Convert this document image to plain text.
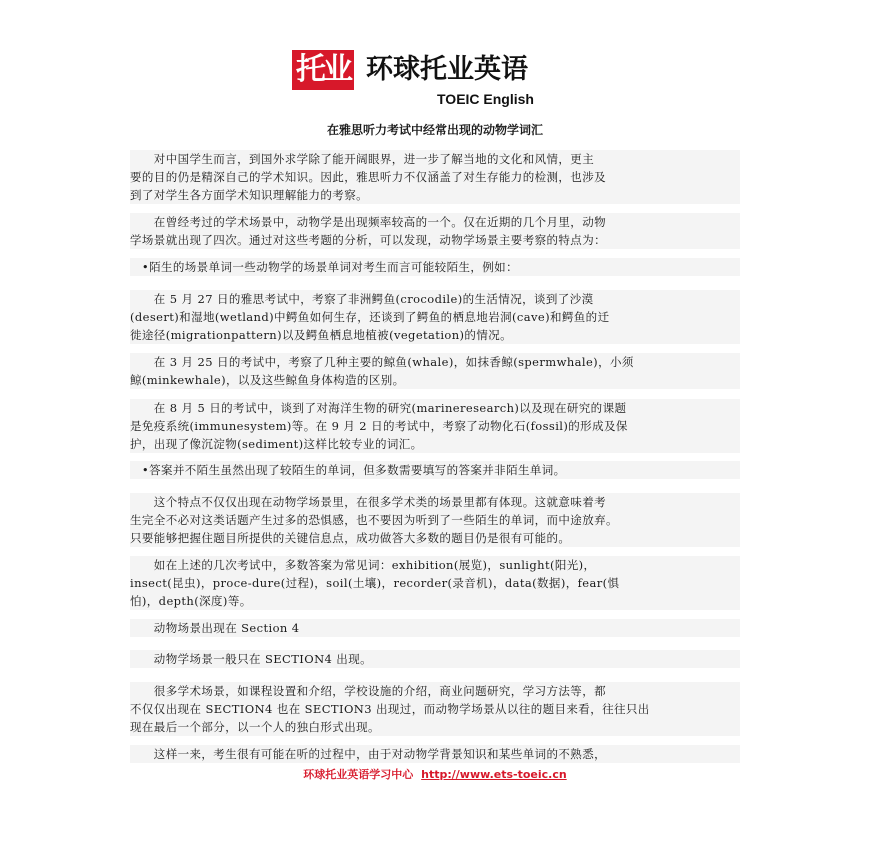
托业 环球托业英语
TOEIC English
在雅思听力考试中经常出现的动物学词汇
　　对中国学生而言，到国外求学除了能开阔眼界，进一步了解当地的文化和风情，更主
要的目的仍是精深自己的学术知识。因此，雅思听力不仅涵盖了对生存能力的检测，也涉及
到了对学生各方面学术知识理解能力的考察。
　　在曾经考过的学术场景中，动物学是出现频率较高的一个。仅在近期的几个月里，动物
学场景就出现了四次。通过对这些考题的分析，可以发现，动物学场景主要考察的特点为：
　•陌生的场景单词一些动物学的场景单词对考生而言可能较陌生，例如：
　　在 5 月 27 日的雅思考试中，考察了非洲鳄鱼(crocodile)的生活情况，谈到了沙漠
(desert)和湿地(wetland)中鳄鱼如何生存，还谈到了鳄鱼的栖息地岩洞(cave)和鳄鱼的迁
徙途径(migrationpattern)以及鳄鱼栖息地植被(vegetation)的情况。
　　在 3 月 25 日的考试中，考察了几种主要的鲸鱼(whale)，如抹香鲸(spermwhale)，小须
鲸(minkewhale)，以及这些鲸鱼身体构造的区别。
　　在 8 月 5 日的考试中，谈到了对海洋生物的研究(marineresearch)以及现在研究的课题
是免疫系统(immunesystem)等。在 9 月 2 日的考试中，考察了动物化石(fossil)的形成及保
护，出现了像沉淀物(sediment)这样比较专业的词汇。
　•答案并不陌生虽然出现了较陌生的单词，但多数需要填写的答案并非陌生单词。
　　这个特点不仅仅出现在动物学场景里，在很多学术类的场景里都有体现。这就意味着考
生完全不必对这类话题产生过多的恐惧感，也不要因为听到了一些陌生的单词，而中途放弃。
只要能够把握住题目所提供的关键信息点，成功做答大多数的题目仍是很有可能的。
　　如在上述的几次考试中，多数答案为常见词：exhibition(展览)，sunlight(阳光)，
insect(昆虫)，proce-dure(过程)，soil(土壤)，recorder(录音机)，data(数据)，fear(惧
怕)，depth(深度)等。
　　动物场景出现在 Section 4
　　动物学场景一般只在 SECTION4 出现。
　　很多学术场景，如课程设置和介绍，学校设施的介绍，商业问题研究，学习方法等，都
不仅仅出现在 SECTION4 也在 SECTION3 出现过，而动物学场景从以往的题目来看，往往只出
现在最后一个部分，以一个人的独白形式出现。
　　这样一来，考生很有可能在听的过程中，由于对动物学背景知识和某些单词的不熟悉，
环球托业英语学习中心 http://www.ets-toeic.cn
